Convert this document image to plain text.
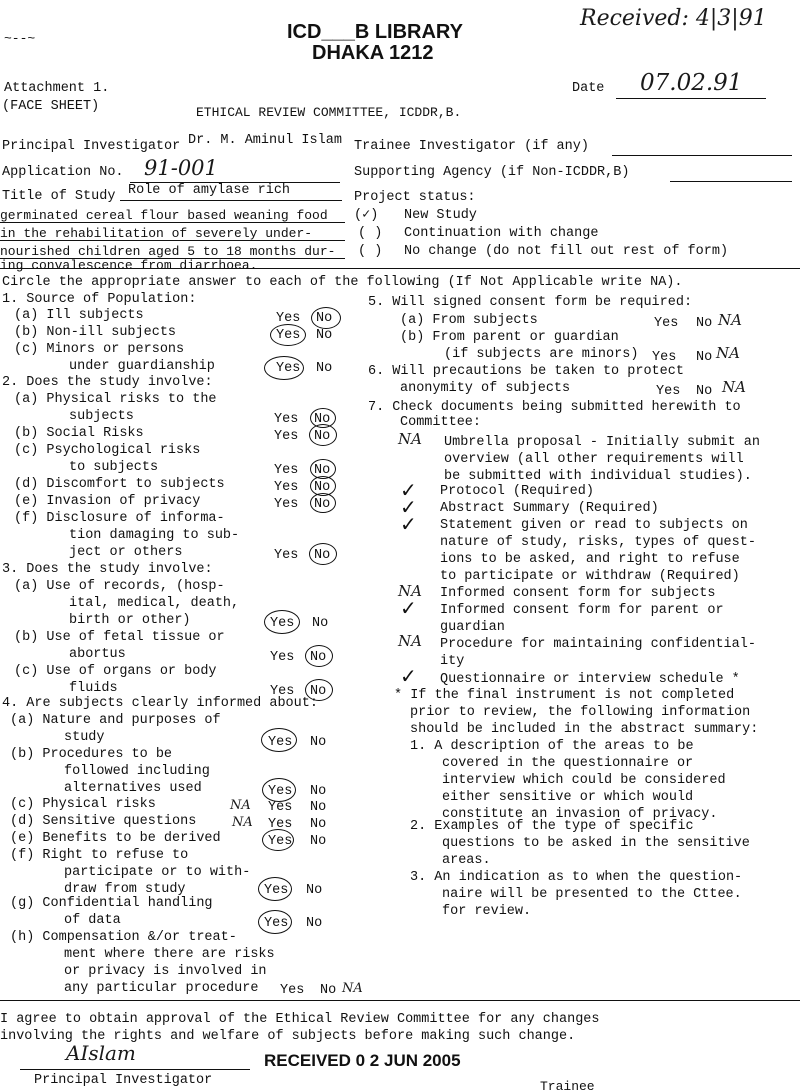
~--~	ICD___B LIBRARY
DHAKA 1212
Received: 4|3|91
Attachment 1.
(FACE SHEET)	ETHICAL REVIEW COMMITTEE, ICDDR,B.
Date 07.02.91
Principal Investigator Dr. M. Aminul Islam Trainee Investigator (if any)
Application No. 91-001	Supporting Agency (if Non-ICDDR,B)
Title of Study Role of amylase rich
germinated cereal flour based weaning food
in the rehabilitation of severely under-
nourished children aged 5 to 18 months dur-
ing convalescence from diarrhoea.
Project status:
(✓) New Study
( ) Continuation with change
( ) No change (do not fill out rest of form)
Circle the appropriate answer to each of the following (If Not Applicable write NA).
1. Source of Population:
(a) Ill subjects	Yes No
(b) Non-ill subjects	Yes No
(c) Minors or persons
under guardianship	Yes No
2. Does the study involve:
(a) Physical risks to the
subjects	Yes No
(b) Social Risks	Yes No
(c) Psychological risks
to subjects	Yes No
(d) Discomfort to subjects	Yes No
(e) Invasion of privacy	Yes No
(f) Disclosure of informa-
tion damaging to sub-
ject or others	Yes No
3. Does the study involve:
(a) Use of records, (hosp-
ital, medical, death,
birth or other)	Yes No
(b) Use of fetal tissue or
abortus	Yes No
(c) Use of organs or body
fluids	Yes No
4. Are subjects clearly informed about:
(a) Nature and purposes of
study	Yes No
(b) Procedures to be
followed including
alternatives used	Yes No
(c) Physical risks	NA Yes No
(d) Sensitive questions	NA Yes No
(e) Benefits to be derived	Yes No
(f) Right to refuse to
participate or to with-
draw from study	Yes No
(g) Confidential handling
of data	Yes No
(h) Compensation &/or treat-
ment where there are risks
or privacy is involved in
any particular procedure Yes No NA
5. Will signed consent form be required:
(a) From subjects	Yes No NA
(b) From parent or guardian
(if subjects are minors) Yes No NA
6. Will precautions be taken to protect
anonymity of subjects	Yes No NA
7. Check documents being submitted herewith to
Committee:
NA Umbrella proposal - Initially submit an
overview (all other requirements will
be submitted with individual studies).
✓ Protocol (Required)
✓ Abstract Summary (Required)
✓ Statement given or read to subjects on
nature of study, risks, types of quest-
ions to be asked, and right to refuse
to participate or withdraw (Required)
NA Informed consent form for subjects
✓ Informed consent form for parent or
guardian
NA Procedure for maintaining confidential-
ity
✓ Questionnaire or interview schedule *
* If the final instrument is not completed
prior to review, the following information
should be included in the abstract summary:
1. A description of the areas to be
covered in the questionnaire or
interview which could be considered
either sensitive or which would
constitute an invasion of privacy.
2. Examples of the type of specific
questions to be asked in the sensitive
areas.
3. An indication as to when the question-
naire will be presented to the Cttee.
for review.
I agree to obtain approval of the Ethical Review Committee for any changes
involving the rights and welfare of subjects before making such change.
AIslam	RECEIVED 0 2 JUN 2005
Principal Investigator	Trainee
